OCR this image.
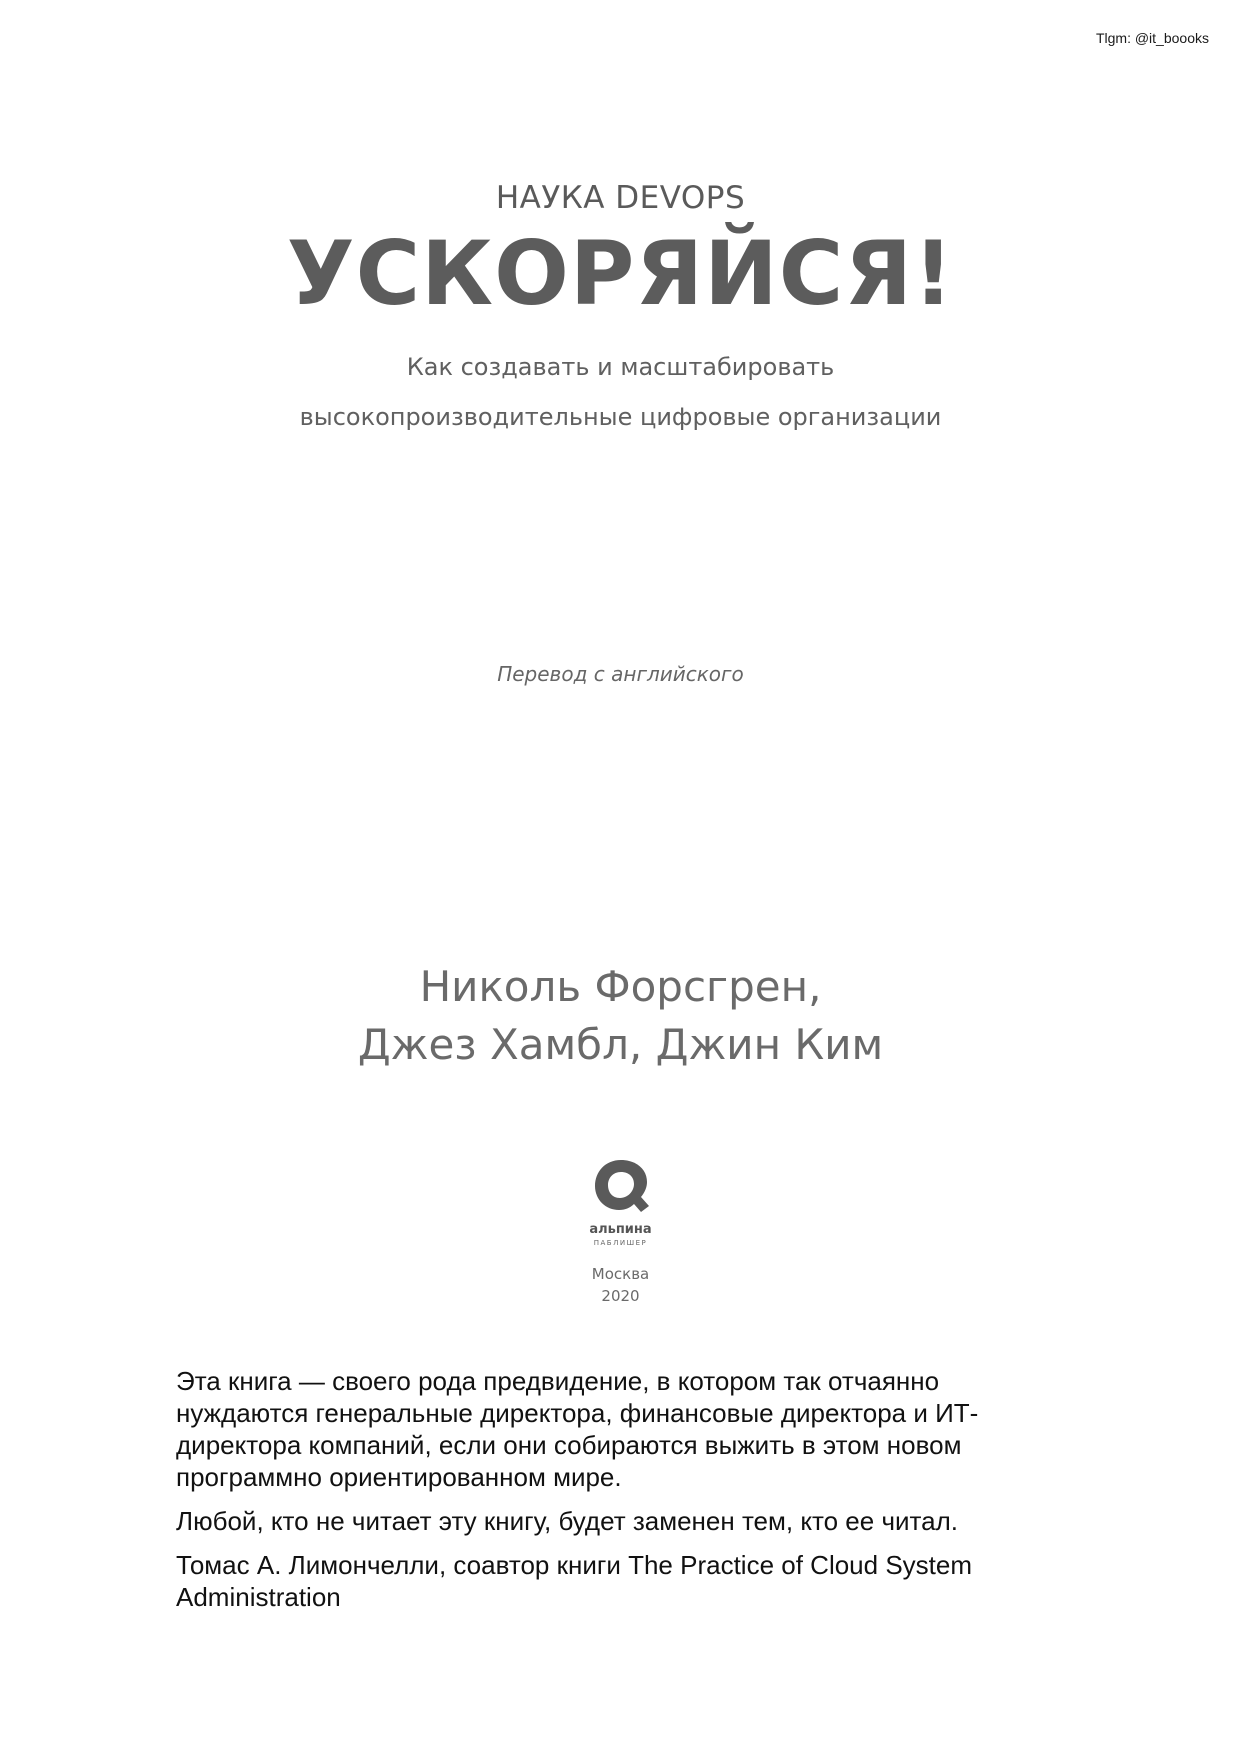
Tlgm: @it_boooks

НАУКА DEVOPS

УСКОРЯЙСЯ!
Как создавать и масштабировать
высокопроизводительные цифровые организации
Перевод с английского
Николь Форсгрен,
Джез Хамбл, Джин Ким
альпина
ПАБЛИШЕР
Москва
2020

Эта книга — своего рода предвидение, в котором так отчаянно нуждаются генеральные директора, финансовые директора и ИТ-директора компаний, если они собираются выжить в этом новом программно ориентированном мире.

Любой, кто не читает эту книгу, будет заменен тем, кто ее читал.

Томас А. Лимончелли, соавтор книги The Practice of Cloud System Administration
